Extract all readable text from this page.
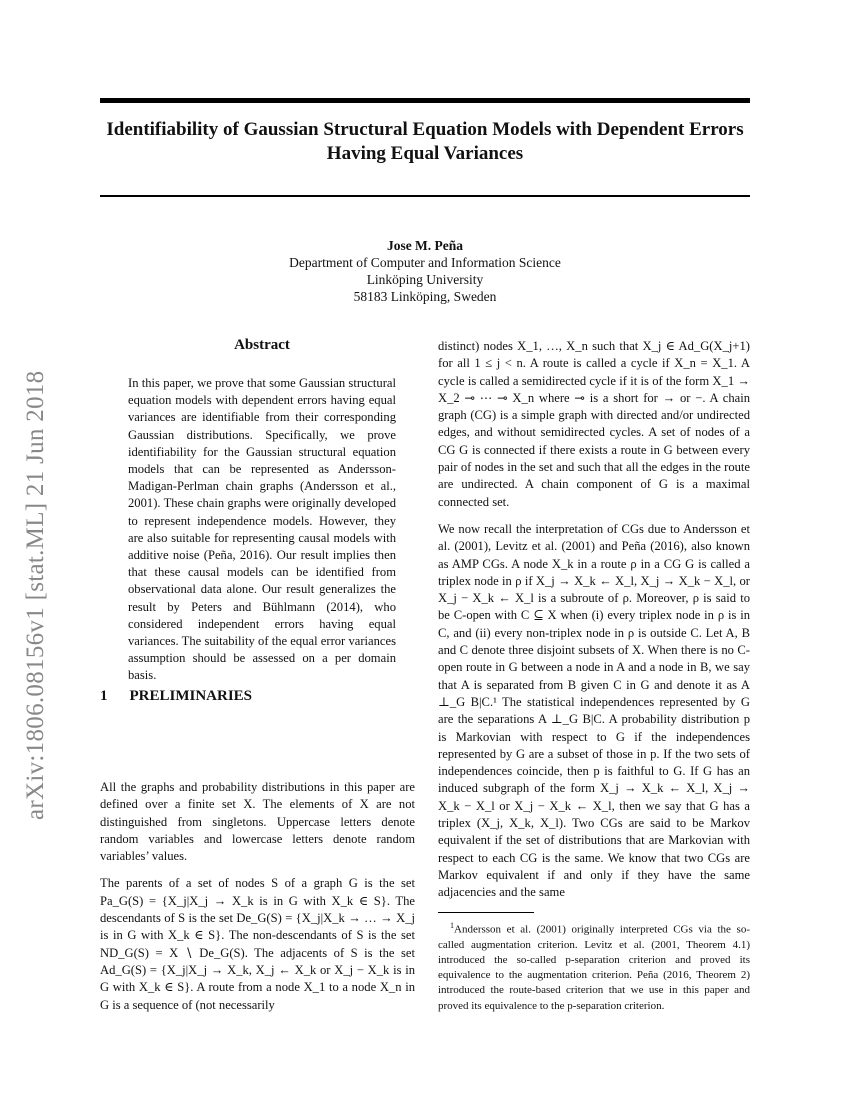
arXiv:1806.08156v1 [stat.ML] 21 Jun 2018
Identifiability of Gaussian Structural Equation Models with Dependent Errors Having Equal Variances
Jose M. Peña
Department of Computer and Information Science
Linköping University
58183 Linköping, Sweden
Abstract
In this paper, we prove that some Gaussian structural equation models with dependent errors having equal variances are identifiable from their corresponding Gaussian distributions. Specifically, we prove identifiability for the Gaussian structural equation models that can be represented as Andersson-Madigan-Perlman chain graphs (Andersson et al., 2001). These chain graphs were originally developed to represent independence models. However, they are also suitable for representing causal models with additive noise (Peña, 2016). Our result implies then that these causal models can be identified from observational data alone. Our result generalizes the result by Peters and Bühlmann (2014), who considered independent errors having equal variances. The suitability of the equal error variances assumption should be assessed on a per domain basis.
1 PRELIMINARIES

All the graphs and probability distributions in this paper are defined over a finite set X. The elements of X are not distinguished from singletons. Uppercase letters denote random variables and lowercase letters denote random variables’ values.

The parents of a set of nodes S of a graph G is the set Pa_G(S) = {X_j|X_j → X_k is in G with X_k ∈ S}. The descendants of S is the set De_G(S) = {X_j|X_k → … → X_j is in G with X_k ∈ S}. The non-descendants of S is the set ND_G(S) = X ∖ De_G(S). The adjacents of S is the set Ad_G(S) = {X_j|X_j → X_k, X_j ← X_k or X_j − X_k is in G with X_k ∈ S}. A route from a node X_1 to a node X_n in G is a sequence of (not necessarily

distinct) nodes X_1, …, X_n such that X_j ∈ Ad_G(X_j+1) for all 1 ≤ j < n. A route is called a cycle if X_n = X_1. A cycle is called a semidirected cycle if it is of the form X_1 → X_2 ⊸ ⋯ ⊸ X_n where ⊸ is a short for → or −. A chain graph (CG) is a simple graph with directed and/or undirected edges, and without semidirected cycles. A set of nodes of a CG G is connected if there exists a route in G between every pair of nodes in the set and such that all the edges in the route are undirected. A chain component of G is a maximal connected set.

We now recall the interpretation of CGs due to Andersson et al. (2001), Levitz et al. (2001) and Peña (2016), also known as AMP CGs. A node X_k in a route ρ in a CG G is called a triplex node in ρ if X_j → X_k ← X_l, X_j → X_k − X_l, or X_j − X_k ← X_l is a subroute of ρ. Moreover, ρ is said to be C-open with C ⊆ X when (i) every triplex node in ρ is in C, and (ii) every non-triplex node in ρ is outside C. Let A, B and C denote three disjoint subsets of X. When there is no C-open route in G between a node in A and a node in B, we say that A is separated from B given C in G and denote it as A ⊥_G B|C.¹ The statistical independences represented by G are the separations A ⊥_G B|C. A probability distribution p is Markovian with respect to G if the independences represented by G are a subset of those in p. If the two sets of independences coincide, then p is faithful to G. If G has an induced subgraph of the form X_j → X_k ← X_l, X_j → X_k − X_l or X_j − X_k ← X_l, then we say that G has a triplex (X_j, X_k, X_l). Two CGs are said to be Markov equivalent if the set of distributions that are Markovian with respect to each CG is the same. We know that two CGs are Markov equivalent if and only if they have the same adjacencies and the same

$^1$Andersson et al. (2001) originally interpreted CGs via the so-called augmentation criterion. Levitz et al. (2001, Theorem 4.1) introduced the so-called p-separation criterion and proved its equivalence to the augmentation criterion. Peña (2016, Theorem 2) introduced the route-based criterion that we use in this paper and proved its equivalence to the p-separation criterion.
